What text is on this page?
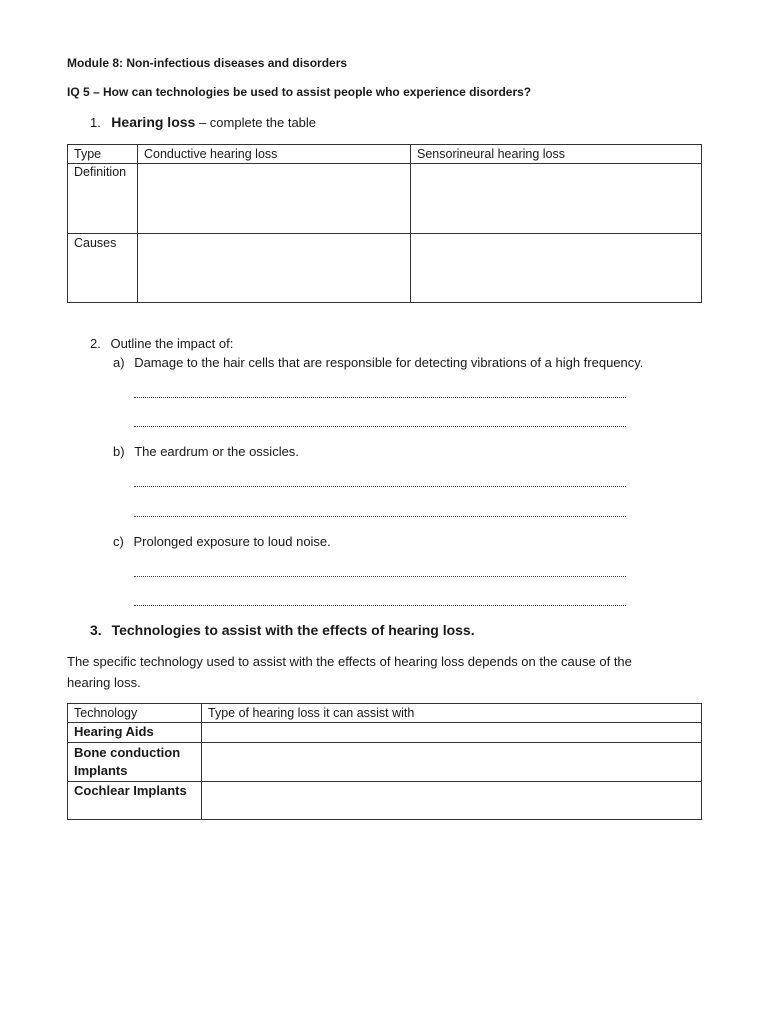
Module 8: Non-infectious diseases and disorders
IQ 5 – How can technologies be used to assist people who experience disorders?
1. Hearing loss – complete the table
Type	Conductive hearing loss	Sensorineural hearing loss
Definition		
Causes		
2. Outline the impact of:
a) Damage to the hair cells that are responsible for detecting vibrations of a high frequency.
b) The eardrum or the ossicles.
c) Prolonged exposure to loud noise.
3. Technologies to assist with the effects of hearing loss.
The specific technology used to assist with the effects of hearing loss depends on the cause of the
hearing loss.
Technology	Type of hearing loss it can assist with
Hearing Aids	
Bone conduction Implants	
Cochlear Implants	
